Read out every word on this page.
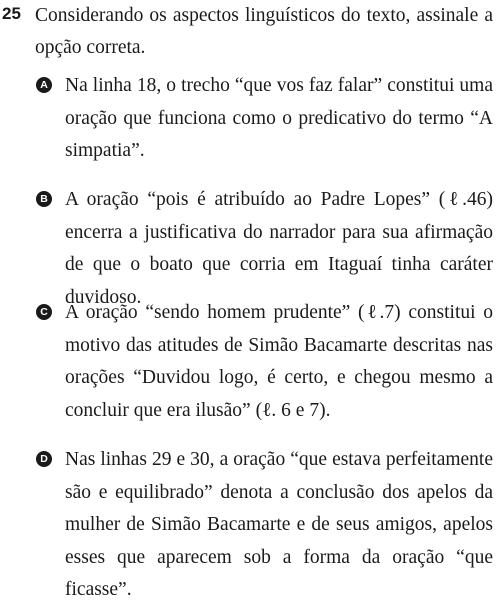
25 Considerando os aspectos linguísticos do texto, assinale a opção correta.
A Na linha 18, o trecho “que vos faz falar” constitui uma oração que funciona como o predicativo do termo “A simpatia”.
B A oração “pois é atribuído ao Padre Lopes” (ℓ.46) encerra a justificativa do narrador para sua afirmação de que o boato que corria em Itaguaí tinha caráter duvidoso.
C A oração “sendo homem prudente” (ℓ.7) constitui o motivo das atitudes de Simão Bacamarte descritas nas orações “Duvidou logo, é certo, e chegou mesmo a concluir que era ilusão” (ℓ. 6 e 7).
D Nas linhas 29 e 30, a oração “que estava perfeitamente são e equilibrado” denota a conclusão dos apelos da mulher de Simão Bacamarte e de seus amigos, apelos esses que aparecem sob a forma da oração “que ficasse”.
